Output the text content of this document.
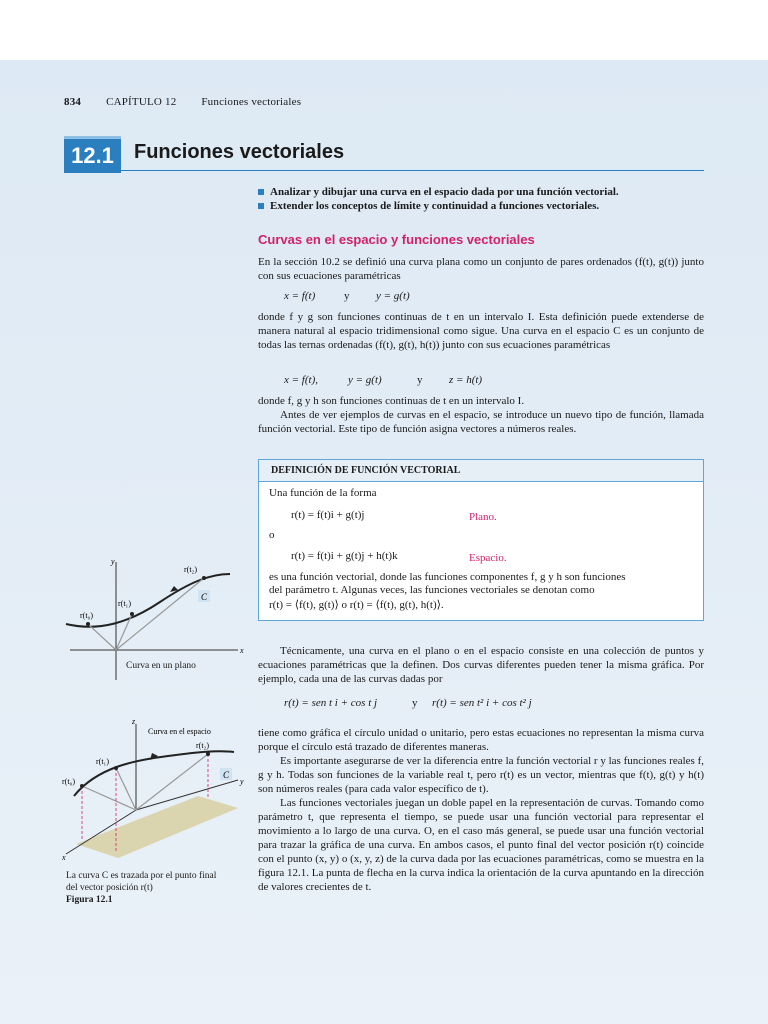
834 CAPÍTULO 12 Funciones vectoriales
12.1	Funciones vectoriales
Analizar y dibujar una curva en el espacio dada por una función vectorial.
Extender los conceptos de límite y continuidad a funciones vectoriales.
Curvas en el espacio y funciones vectoriales
En la sección 10.2 se definió una curva plana como un conjunto de pares ordenados (f(t), g(t)) junto con sus ecuaciones paramétricas
x = f(t)	y y = g(t)
donde f y g son funciones continuas de t en un intervalo I. Esta definición puede extenderse de manera natural al espacio tridimensional como sigue. Una curva en el espacio C es un conjunto de todas las ternas ordenadas (f(t), g(t), h(t)) junto con sus ecuaciones paramétricas
x = f(t),	y = g(t)	y z = h(t)
donde f, g y h son funciones continuas de t en un intervalo I.
Antes de ver ejemplos de curvas en el espacio, se introduce un nuevo tipo de función, llamada función vectorial. Este tipo de función asigna vectores a números reales.
DEFINICIÓN DE FUNCIÓN VECTORIAL
Una función de la forma
r(t) = f(t)i + g(t)j	Plano.
o
r(t) = f(t)i + g(t)j + h(t)k	Espacio.
es una función vectorial, donde las funciones componentes f, g y h son funciones
del parámetro t. Algunas veces, las funciones vectoriales se denotan como
r(t) = ⟨f(t), g(t)⟩ o r(t) = ⟨f(t), g(t), h(t)⟩.
C
x
y
r(t₀)
r(t₁)
r(t₂)
Curva en un plano
Técnicamente, una curva en el plano o en el espacio consiste en una colección de puntos y ecuaciones paramétricas que la definen. Dos curvas diferentes pueden tener la misma gráfica. Por ejemplo, cada una de las curvas dadas por
r(t) = sen t i + cos t j	y r(t) = sen t² i + cos t² j
tiene como gráfica el círculo unidad o unitario, pero estas ecuaciones no representan la misma curva porque el círculo está trazado de diferentes maneras.
Es importante asegurarse de ver la diferencia entre la función vectorial r y las funciones reales f, g y h. Todas son funciones de la variable real t, pero r(t) es un vector, mientras que f(t), g(t) y h(t) son números reales (para cada valor específico de t).
Las funciones vectoriales juegan un doble papel en la representación de curvas. Tomando como parámetro t, que representa el tiempo, se puede usar una función vectorial para representar el movimiento a lo largo de una curva. O, en el caso más general, se puede usar una función vectorial para trazar la gráfica de una curva. En ambos casos, el punto final del vector posición r(t) coincide con el punto (x, y) o (x, y, z) de la curva dada por las ecuaciones paramétricas, como se muestra en la figura 12.1. La punta de flecha en la curva indica la orientación de la curva apuntando en la dirección de valores crecientes de t.
C
y
z
x
r(t₀)
r(t₁)
r(t₂)
Curva en el espacio
La curva C es trazada por el punto final
del vector posición r(t)
Figura 12.1
